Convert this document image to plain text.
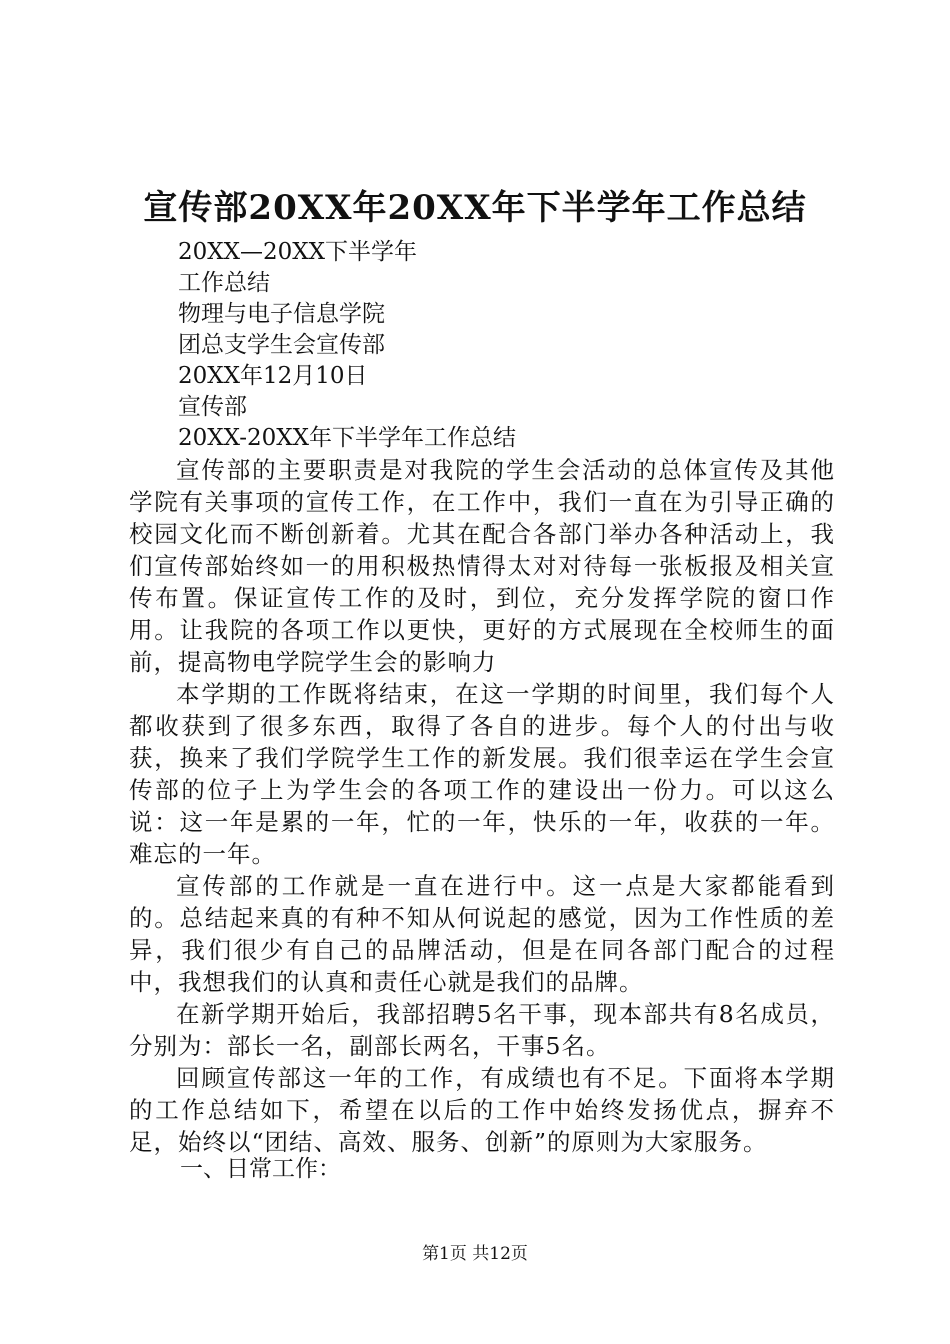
宣传部20XX年20XX年下半学年工作总结
20XX—20XX下半学年
工作总结
物理与电子信息学院
团总支学生会宣传部
20XX年12月10日
宣传部
20XX-20XX年下半学年工作总结

宣传部的主要职责是对我院的学生会活动的总体宣传及其他学院有关事项的宣传工作，在工作中，我们一直在为引导正确的校园文化而不断创新着。尤其在配合各部门举办各种活动上，我们宣传部始终如一的用积极热情得太对对待每一张板报及相关宣传布置。保证宣传工作的及时，到位，充分发挥学院的窗口作用。让我院的各项工作以更快，更好的方式展现在全校师生的面前，提高物电学院学生会的影响力

本学期的工作既将结束，在这一学期的时间里，我们每个人都收获到了很多东西，取得了各自的进步。每个人的付出与收获，换来了我们学院学生工作的新发展。我们很幸运在学生会宣传部的位子上为学生会的各项工作的建设出一份力。可以这么说：这一年是累的一年，忙的一年，快乐的一年，收获的一年。难忘的一年。

宣传部的工作就是一直在进行中。这一点是大家都能看到的。总结起来真的有种不知从何说起的感觉，因为工作性质的差异，我们很少有自己的品牌活动，但是在同各部门配合的过程中，我想我们的认真和责任心就是我们的品牌。

在新学期开始后，我部招聘5名干事，现本部共有8名成员，分别为：部长一名，副部长两名，干事5名。

回顾宣传部这一年的工作，有成绩也有不足。下面将本学期的工作总结如下，希望在以后的工作中始终发扬优点，摒弃不足，始终以“团结、高效、服务、创新”的原则为大家服务。

一、日常工作：
第1页 共12页
